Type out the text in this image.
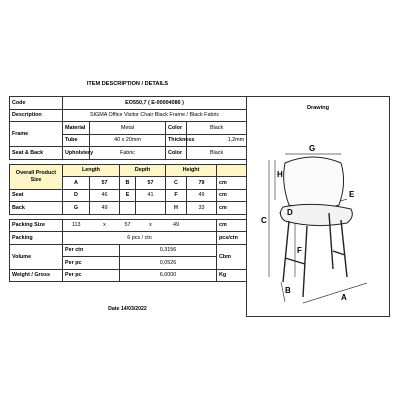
ITEM DESCRIPTION / DETAILS
Code	EO550,7 ( E-00004086 )						
Description	SIGMA Office Visitor Chair Black Frame / Black Fabric						
Frame	Material	Metal			Color	Black	
	Tube	40 x 20mm			Thickness	1,2mm	
Seat & Back	Upholstery	Fabric			Color	Black	

Overall Product Size	Length		Depth		Height		
	A	57	B	57	C	79	cm
Seat	D	46	E	41	F	49	cm
Back	G	49			H	33	cm

Packing Size	113	x	57	x	49		cm
Packing	6 pcs / ctn						pcs/ctn
Volume	Per ctn		0,3156				Cbm
	Per pc		0,0526				
Weight / Gross	Per pc		6,0000				Kg
Date 14/03/2022
Drawing
G
H
C
D
E
F
B
A
